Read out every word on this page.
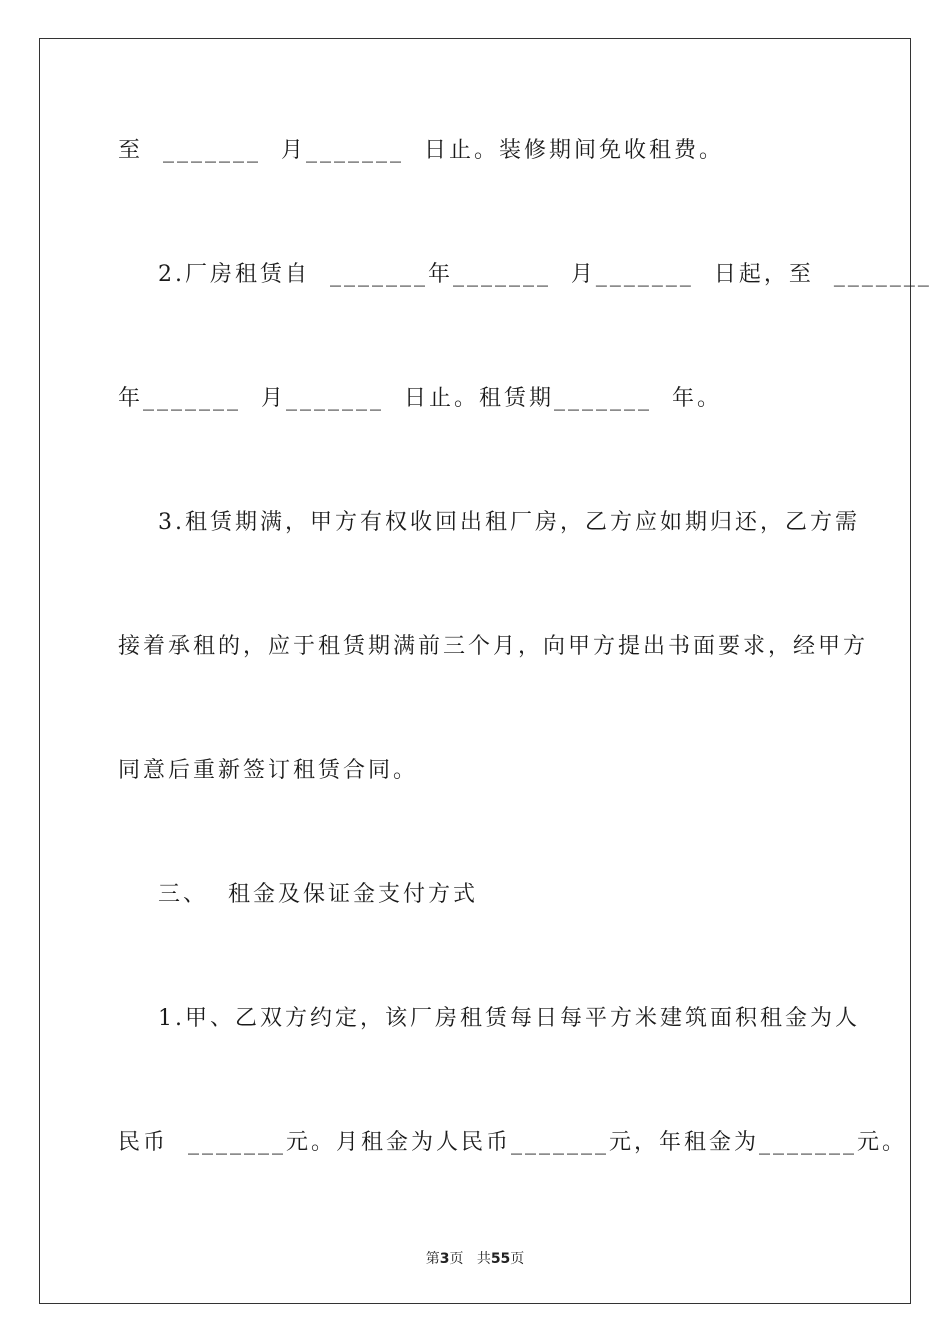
至  _______  月_______  日止。装修期间免收租费。
2.厂房租赁自  _______年_______  月_______  日起，至  _______
年_______  月_______  日止。租赁期_______  年。
3.租赁期满，甲方有权收回出租厂房，乙方应如期归还，乙方需
接着承租的，应于租赁期满前三个月，向甲方提出书面要求，经甲方
同意后重新签订租赁合同。
三、  租金及保证金支付方式
1.甲、乙双方约定，该厂房租赁每日每平方米建筑面积租金为人
民币  _______元。月租金为人民币_______元，年租金为_______元。
第3页 共55页
